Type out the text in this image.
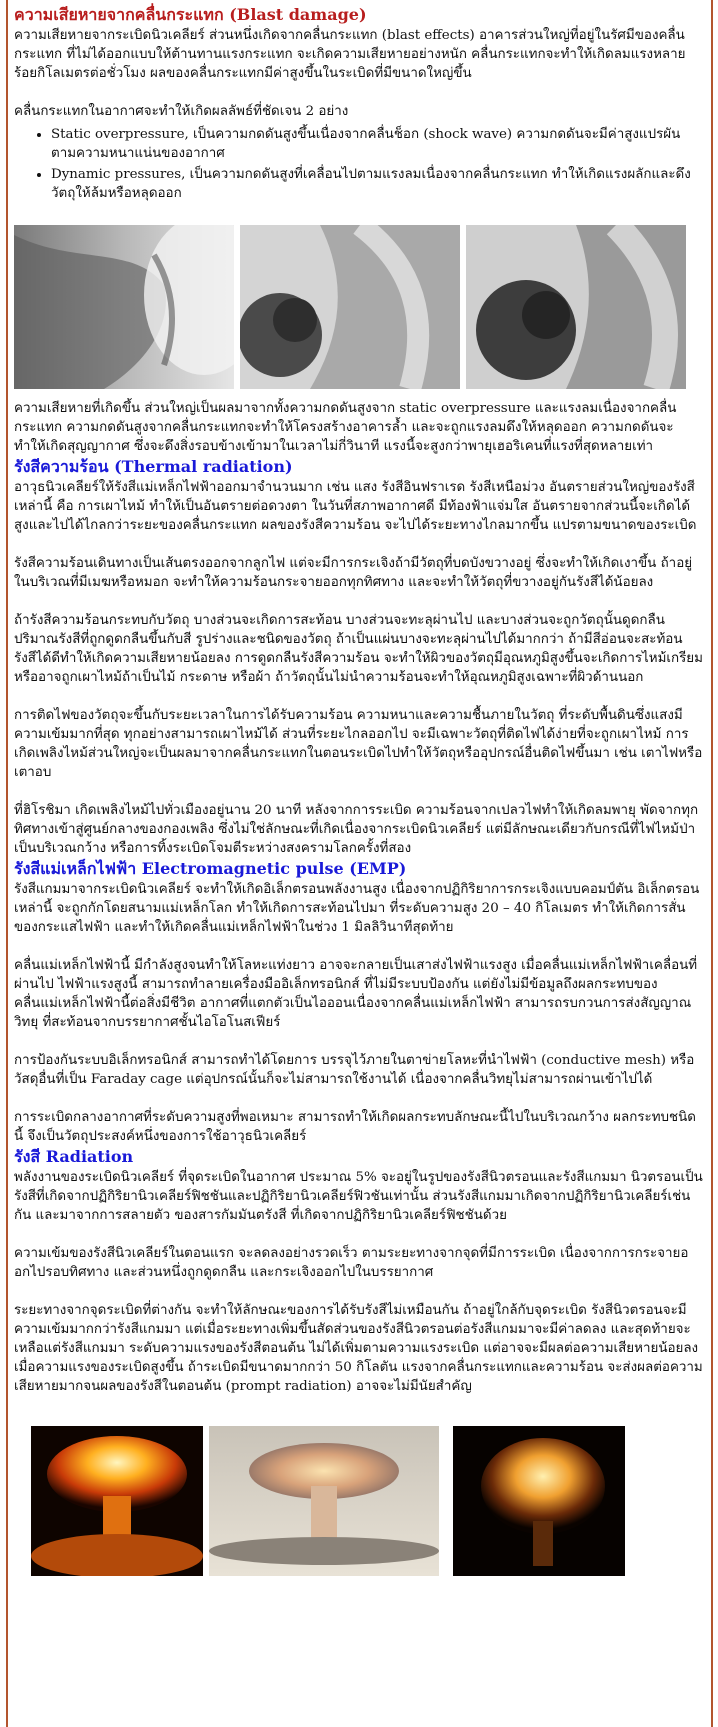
ความเสียหายจากคลื่นกระแทก (Blast damage)

ความเสียหายจากระเบิดนิวเคลียร์ ส่วนหนึ่งเกิดจากคลื่นกระแทก (blast effects) อาคารส่วนใหญ่ที่อยู่ในรัศมีของคลื่นกระแทก ที่ไม่ได้ออกแบบให้ต้านทานแรงกระแทก จะเกิดความเสียหายอย่างหนัก คลื่นกระแทกจะทำให้เกิดลมแรงหลายร้อยกิโลเมตรต่อชั่วโมง ผลของคลื่นกระแทกมีค่าสูงขึ้นในระเบิดที่มีขนาดใหญ่ขึ้น

คลื่นกระแทกในอากาศจะทำให้เกิดผลลัพธ์ที่ชัดเจน 2 อย่าง

• Static overpressure, เป็นความกดดันสูงขึ้นเนื่องจากคลื่นช็อก (shock wave) ความกดดันจะมีค่าสูงแปรผันตามความหนาแน่นของอากาศ
• Dynamic pressures, เป็นความกดดันสูงที่เคลื่อนไปตามแรงลมเนื่องจากคลื่นกระแทก ทำให้เกิดแรงผลักและดึงวัตถุให้ล้มหรือหลุดออก

ความเสียหายที่เกิดขึ้น ส่วนใหญ่เป็นผลมาจากทั้งความกดดันสูงจาก static overpressure และแรงลมเนื่องจากคลื่นกระแทก ความกดดันสูงจากคลื่นกระแทกจะทำให้โครงสร้างอาคารล้ำ และจะถูกแรงลมดึงให้หลุดออก ความกดดันจะทำให้เกิดสุญญากาศ ซึ่งจะดึงสิ่งรอบข้างเข้ามาในเวลาไม่กี่วินาที แรงนี้จะสูงกว่าพายุเฮอริเคนที่แรงที่สุดหลายเท่า

รังสีความร้อน (Thermal radiation)

อาวุธนิวเคลียร์ให้รังสีแม่เหล็กไฟฟ้าออกมาจำนวนมาก เช่น แสง รังสีอินฟราเรด รังสีเหนือม่วง อันตรายส่วนใหญ่ของรังสีเหล่านี้ คือ การเผาไหม้ ทำให้เป็นอันตรายต่อดวงตา ในวันที่สภาพอากาศดี มีท้องฟ้าแจ่มใส อันตรายจากส่วนนี้จะเกิดได้สูงและไปได้ไกลกว่าระยะของคลื่นกระแทก ผลของรังสีความร้อน จะไปได้ระยะทางไกลมากขึ้น แปรตามขนาดของระเบิด

รังสีความร้อนเดินทางเป็นเส้นตรงออกจากลูกไฟ แต่จะมีการกระเจิงถ้ามีวัตถุที่บดบังขวางอยู่ ซึ่งจะทำให้เกิดเงาขึ้น ถ้าอยู่ในบริเวณที่มีเมฆหรือหมอก จะทำให้ความร้อนกระจายออกทุกทิศทาง และจะทำให้วัตถุที่ขวางอยู่กันรังสีได้น้อยลง

ถ้ารังสีความร้อนกระทบกับวัตถุ บางส่วนจะเกิดการสะท้อน บางส่วนจะทะลุผ่านไป และบางส่วนจะถูกวัตถุนั้นดูดกลืน ปริมาณรังสีที่ถูกดูดกลืนขึ้นกับสี รูปร่างและชนิดของวัตถุ ถ้าเป็นแผ่นบางจะทะลุผ่านไปได้มากกว่า ถ้ามีสีอ่อนจะสะท้อนรังสีได้ดีทำให้เกิดความเสียหายน้อยลง การดูดกลืนรังสีความร้อน จะทำให้ผิวของวัตถุมีอุณหภูมิสูงขึ้นจะเกิดการไหม้เกรียม หรืออาจถูกเผาไหม้ถ้าเป็นไม้ กระดาษ หรือผ้า ถ้าวัตถุนั้นไม่นำความร้อนจะทำให้อุณหภูมิสูงเฉพาะที่ผิวด้านนอก

การติดไฟของวัตถุจะขึ้นกับระยะเวลาในการได้รับความร้อน ความหนาและความชื้นภายในวัตถุ ที่ระดับพื้นดินซึ่งแสงมีความเข้มมากที่สุด ทุกอย่างสามารถเผาไหม้ได้ ส่วนที่ระยะไกลออกไป จะมีเฉพาะวัตถุที่ติดไฟได้ง่ายที่จะถูกเผาไหม้ การเกิดเพลิงไหม้ส่วนใหญ่จะเป็นผลมาจากคลื่นกระแทกในตอนระเบิดไปทำให้วัตถุหรืออุปกรณ์อื่นติดไฟขึ้นมา เช่น เตาไฟหรือเตาอบ

ที่ฮิโรชิมา เกิดเพลิงไหม้ไปทั่วเมืองอยู่นาน 20 นาที หลังจากการระเบิด ความร้อนจากเปลวไฟทำให้เกิดลมพายุ พัดจากทุกทิศทางเข้าสู่ศูนย์กลางของกองเพลิง ซึ่งไม่ใช่ลักษณะที่เกิดเนื่องจากระเบิดนิวเคลียร์ แต่มีลักษณะเดียวกับกรณีที่ไฟไหม้ป่าเป็นบริเวณกว้าง หรือการทิ้งระเบิดโจมตีระหว่างสงครามโลกครั้งที่สอง

รังสีแม่เหล็กไฟฟ้า Electromagnetic pulse (EMP)

รังสีแกมมาจากระเบิดนิวเคลียร์ จะทำให้เกิดอิเล็กตรอนพลังงานสูง เนื่องจากปฏิกิริยาการกระเจิงแบบคอมป์ตัน อิเล็กตรอนเหล่านี้ จะถูกกักโดยสนามแม่เหล็กโลก ทำให้เกิดการสะท้อนไปมา ที่ระดับความสูง 20 – 40 กิโลเมตร ทำให้เกิดการสั่นของกระแสไฟฟ้า และทำให้เกิดคลื่นแม่เหล็กไฟฟ้าในช่วง 1 มิลลิวินาทีสุดท้าย

คลื่นแม่เหล็กไฟฟ้านี้ มีกำลังสูงจนทำให้โลหะแท่งยาว อาจจะกลายเป็นเสาส่งไฟฟ้าแรงสูง เมื่อคลื่นแม่เหล็กไฟฟ้าเคลื่อนที่ผ่านไป ไฟฟ้าแรงสูงนี้ สามารถทำลายเครื่องมืออิเล็กทรอนิกส์ ที่ไม่มีระบบป้องกัน แต่ยังไม่มีข้อมูลถึงผลกระทบของคลื่นแม่เหล็กไฟฟ้านี้ต่อสิ่งมีชีวิต อากาศที่แตกตัวเป็นไอออนเนื่องจากคลื่นแม่เหล็กไฟฟ้า สามารถรบกวนการส่งสัญญาณวิทยุ ที่สะท้อนจากบรรยากาศชั้นไอโอโนสเฟียร์

การป้องกันระบบอิเล็กทรอนิกส์ สามารถทำได้โดยการ บรรจุไว้ภายในตาข่ายโลหะที่นำไฟฟ้า (conductive mesh) หรือวัสดุอื่นที่เป็น Faraday cage แต่อุปกรณ์นั้นก็จะไม่สามารถใช้งานได้ เนื่องจากคลื่นวิทยุไม่สามารถผ่านเข้าไปได้

การระเบิดกลางอากาศที่ระดับความสูงที่พอเหมาะ สามารถทำให้เกิดผลกระทบลักษณะนี้ไปในบริเวณกว้าง ผลกระทบชนิดนี้ จึงเป็นวัตถุประสงค์หนึ่งของการใช้อาวุธนิวเคลียร์

รังสี Radiation

พลังงานของระเบิดนิวเคลียร์ ที่จุดระเบิดในอากาศ ประมาณ 5% จะอยู่ในรูปของรังสีนิวตรอนและรังสีแกมมา นิวตรอนเป็นรังสีที่เกิดจากปฏิกิริยานิวเคลียร์ฟิชชันและปฏิกิริยานิวเคลียร์ฟิวชันเท่านั้น ส่วนรังสีแกมมาเกิดจากปฏิกิริยานิวเคลียร์เช่นกัน และมาจากการสลายตัว ของสารกัมมันตรังสี ที่เกิดจากปฏิกิริยานิวเคลียร์ฟิชชันด้วย

ความเข้มของรังสีนิวเคลียร์ในตอนแรก จะลดลงอย่างรวดเร็ว ตามระยะทางจากจุดที่มีการระเบิด เนื่องจากการกระจายออกไปรอบทิศทาง และส่วนหนึ่งถูกดูดกลืน และกระเจิงออกไปในบรรยากาศ

ระยะทางจากจุดระเบิดที่ต่างกัน จะทำให้ลักษณะของการได้รับรังสีไม่เหมือนกัน ถ้าอยู่ใกล้กับจุดระเบิด รังสีนิวตรอนจะมีความเข้มมากกว่ารังสีแกมมา แต่เมื่อระยะทางเพิ่มขึ้นสัดส่วนของรังสีนิวตรอนต่อรังสีแกมมาจะมีค่าลดลง และสุดท้ายจะเหลือแต่รังสีแกมมา ระดับความแรงของรังสีตอนต้น ไม่ได้เพิ่มตามความแรงระเบิด แต่อาจจะมีผลต่อความเสียหายน้อยลงเมื่อความแรงของระเบิดสูงขึ้น ถ้าระเบิดมีขนาดมากกว่า 50 กิโลตัน แรงจากคลื่นกระแทกและความร้อน จะส่งผลต่อความเสียหายมากจนผลของรังสีในตอนต้น (prompt radiation) อาจจะไม่มีนัยสำคัญ
